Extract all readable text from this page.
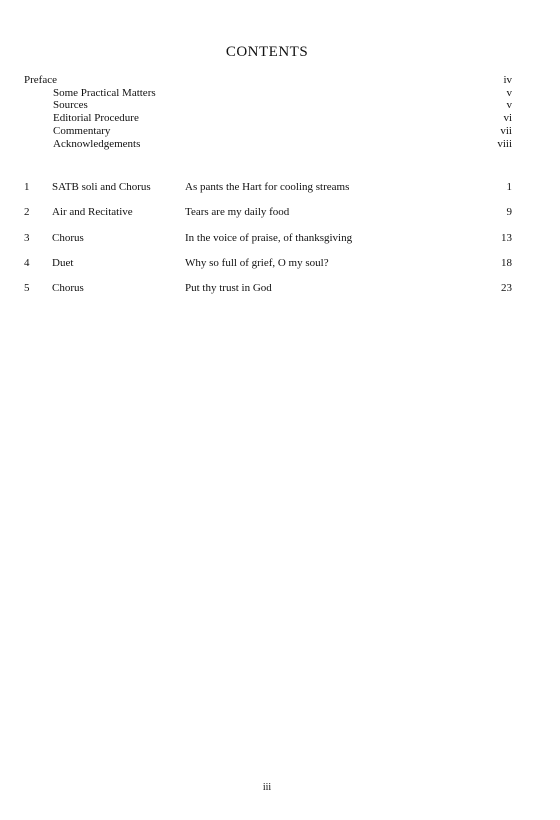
CONTENTS
Preface	iv
Some Practical Matters	v
Sources	v
Editorial Procedure	vi
Commentary	vii
Acknowledgements	viii
1 SATB soli and Chorus	As pants the Hart for cooling streams	1
2 Air and Recitative	Tears are my daily food	9
3 Chorus	In the voice of praise, of thanksgiving	13
4 Duet	Why so full of grief, O my soul?	18
5 Chorus	Put thy trust in God	23
iii
